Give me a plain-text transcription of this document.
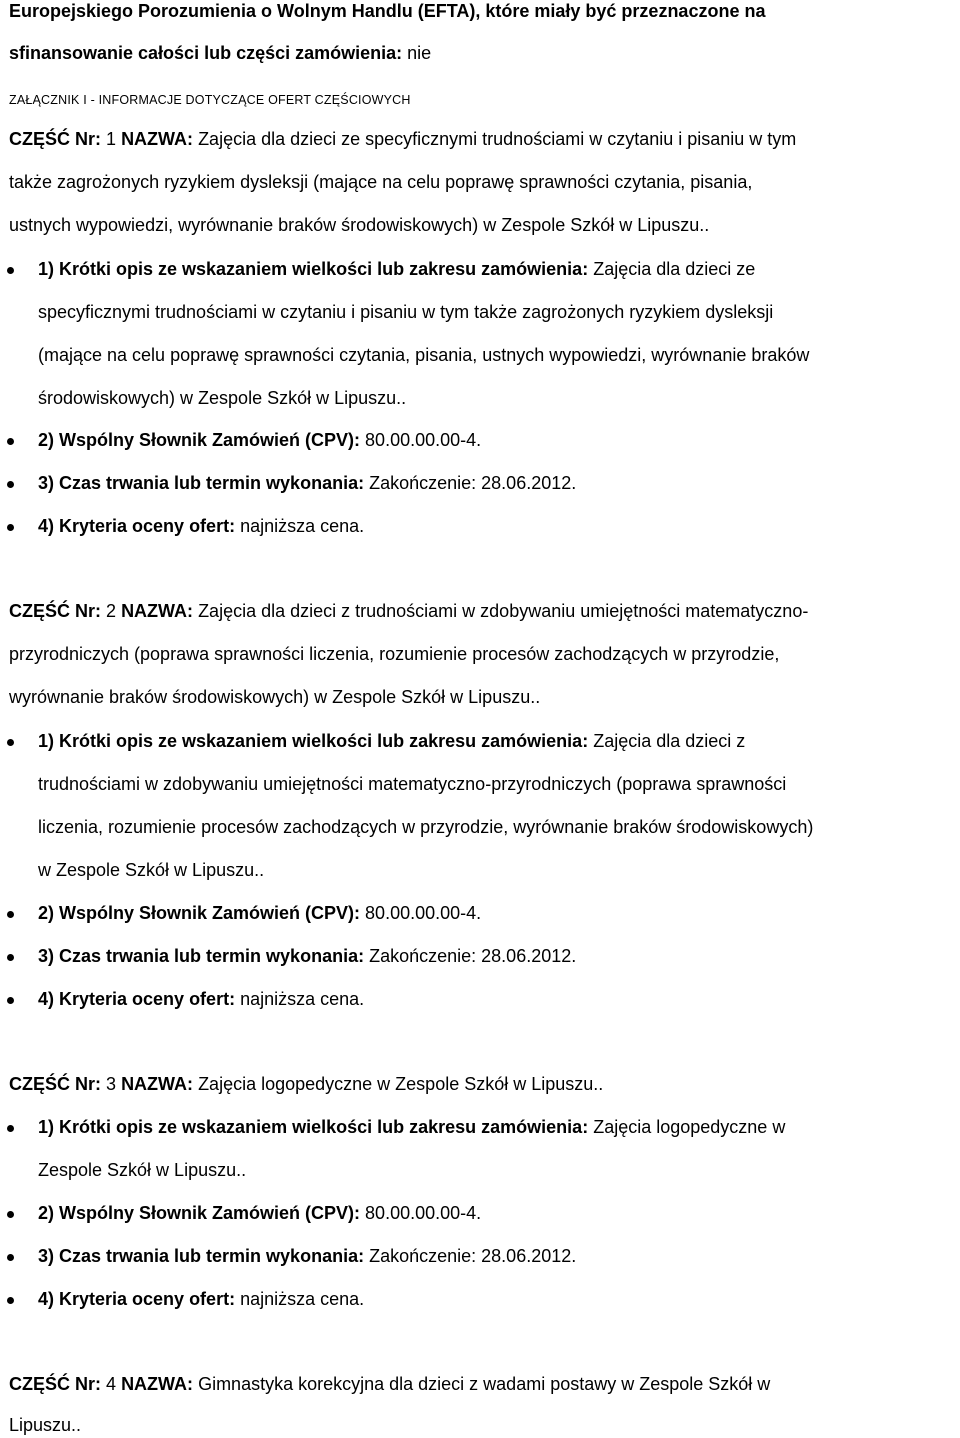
Europejskiego Porozumienia o Wolnym Handlu (EFTA), które miały być przeznaczone na
sfinansowanie całości lub części zamówienia: nie
ZAŁĄCZNIK I - INFORMACJE DOTYCZĄCE OFERT CZĘŚCIOWYCH
CZĘŚĆ Nr: 1 NAZWA: Zajęcia dla dzieci ze specyficznymi trudnościami w czytaniu i pisaniu w tym
także zagrożonych ryzykiem dysleksji (mające na celu poprawę sprawności czytania, pisania,
ustnych wypowiedzi, wyrównanie braków środowiskowych) w Zespole Szkół w Lipuszu..
1) Krótki opis ze wskazaniem wielkości lub zakresu zamówienia: Zajęcia dla dzieci ze
specyficznymi trudnościami w czytaniu i pisaniu w tym także zagrożonych ryzykiem dysleksji
(mające na celu poprawę sprawności czytania, pisania, ustnych wypowiedzi, wyrównanie braków
środowiskowych) w Zespole Szkół w Lipuszu..
2) Wspólny Słownik Zamówień (CPV): 80.00.00.00-4.
3) Czas trwania lub termin wykonania: Zakończenie: 28.06.2012.
4) Kryteria oceny ofert: najniższa cena.
CZĘŚĆ Nr: 2 NAZWA: Zajęcia dla dzieci z trudnościami w zdobywaniu umiejętności matematyczno-
przyrodniczych (poprawa sprawności liczenia, rozumienie procesów zachodzących w przyrodzie,
wyrównanie braków środowiskowych) w Zespole Szkół w Lipuszu..
1) Krótki opis ze wskazaniem wielkości lub zakresu zamówienia: Zajęcia dla dzieci z
trudnościami w zdobywaniu umiejętności matematyczno-przyrodniczych (poprawa sprawności
liczenia, rozumienie procesów zachodzących w przyrodzie, wyrównanie braków środowiskowych)
w Zespole Szkół w Lipuszu..
2) Wspólny Słownik Zamówień (CPV): 80.00.00.00-4.
3) Czas trwania lub termin wykonania: Zakończenie: 28.06.2012.
4) Kryteria oceny ofert: najniższa cena.
CZĘŚĆ Nr: 3 NAZWA: Zajęcia logopedyczne w Zespole Szkół w Lipuszu..
1) Krótki opis ze wskazaniem wielkości lub zakresu zamówienia: Zajęcia logopedyczne w
Zespole Szkół w Lipuszu..
2) Wspólny Słownik Zamówień (CPV): 80.00.00.00-4.
3) Czas trwania lub termin wykonania: Zakończenie: 28.06.2012.
4) Kryteria oceny ofert: najniższa cena.
CZĘŚĆ Nr: 4 NAZWA: Gimnastyka korekcyjna dla dzieci z wadami postawy w Zespole Szkół w
Lipuszu..
